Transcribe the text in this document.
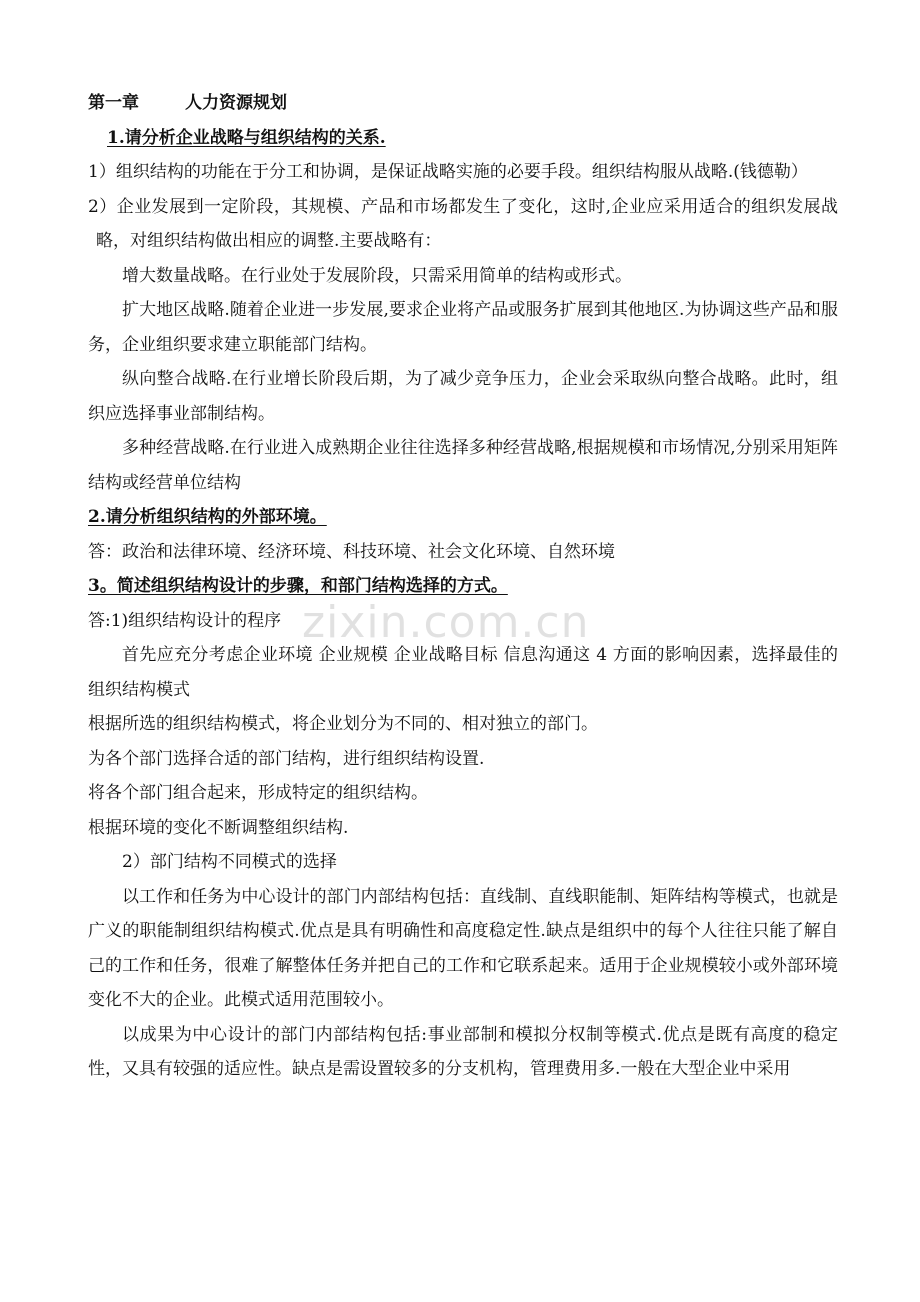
第一章	人力资源规划

1.请分析企业战略与组织结构的关系.

1）组织结构的功能在于分工和协调，是保证战略实施的必要手段。组织结构服从战略.(钱德勒）

2）企业发展到一定阶段，其规模、产品和市场都发生了变化，这时,企业应采用适合的组织发展战略，对组织结构做出相应的调整.主要战略有：

增大数量战略。在行业处于发展阶段，只需采用简单的结构或形式。

扩大地区战略.随着企业进一步发展,要求企业将产品或服务扩展到其他地区.为协调这些产品和服务，企业组织要求建立职能部门结构。

纵向整合战略.在行业增长阶段后期，为了减少竞争压力，企业会采取纵向整合战略。此时，组织应选择事业部制结构。

多种经营战略.在行业进入成熟期企业往往选择多种经营战略,根据规模和市场情况,分别采用矩阵结构或经营单位结构

2.请分析组织结构的外部环境。

答：政治和法律环境、经济环境、科技环境、社会文化环境、自然环境

3。简述组织结构设计的步骤，和部门结构选择的方式。

答:1)组织结构设计的程序

首先应充分考虑企业环境 企业规模 企业战略目标 信息沟通这 4 方面的影响因素，选择最佳的组织结构模式

根据所选的组织结构模式，将企业划分为不同的、相对独立的部门。

为各个部门选择合适的部门结构，进行组织结构设置.

将各个部门组合起来，形成特定的组织结构。

根据环境的变化不断调整组织结构.

2）部门结构不同模式的选择

以工作和任务为中心设计的部门内部结构包括：直线制、直线职能制、矩阵结构等模式，也就是广义的职能制组织结构模式.优点是具有明确性和高度稳定性.缺点是组织中的每个人往往只能了解自己的工作和任务，很难了解整体任务并把自己的工作和它联系起来。适用于企业规模较小或外部环境变化不大的企业。此模式适用范围较小。

以成果为中心设计的部门内部结构包括:事业部制和模拟分权制等模式.优点是既有高度的稳定性，又具有较强的适应性。缺点是需设置较多的分支机构，管理费用多.一般在大型企业中采用

zixin.com.cn
